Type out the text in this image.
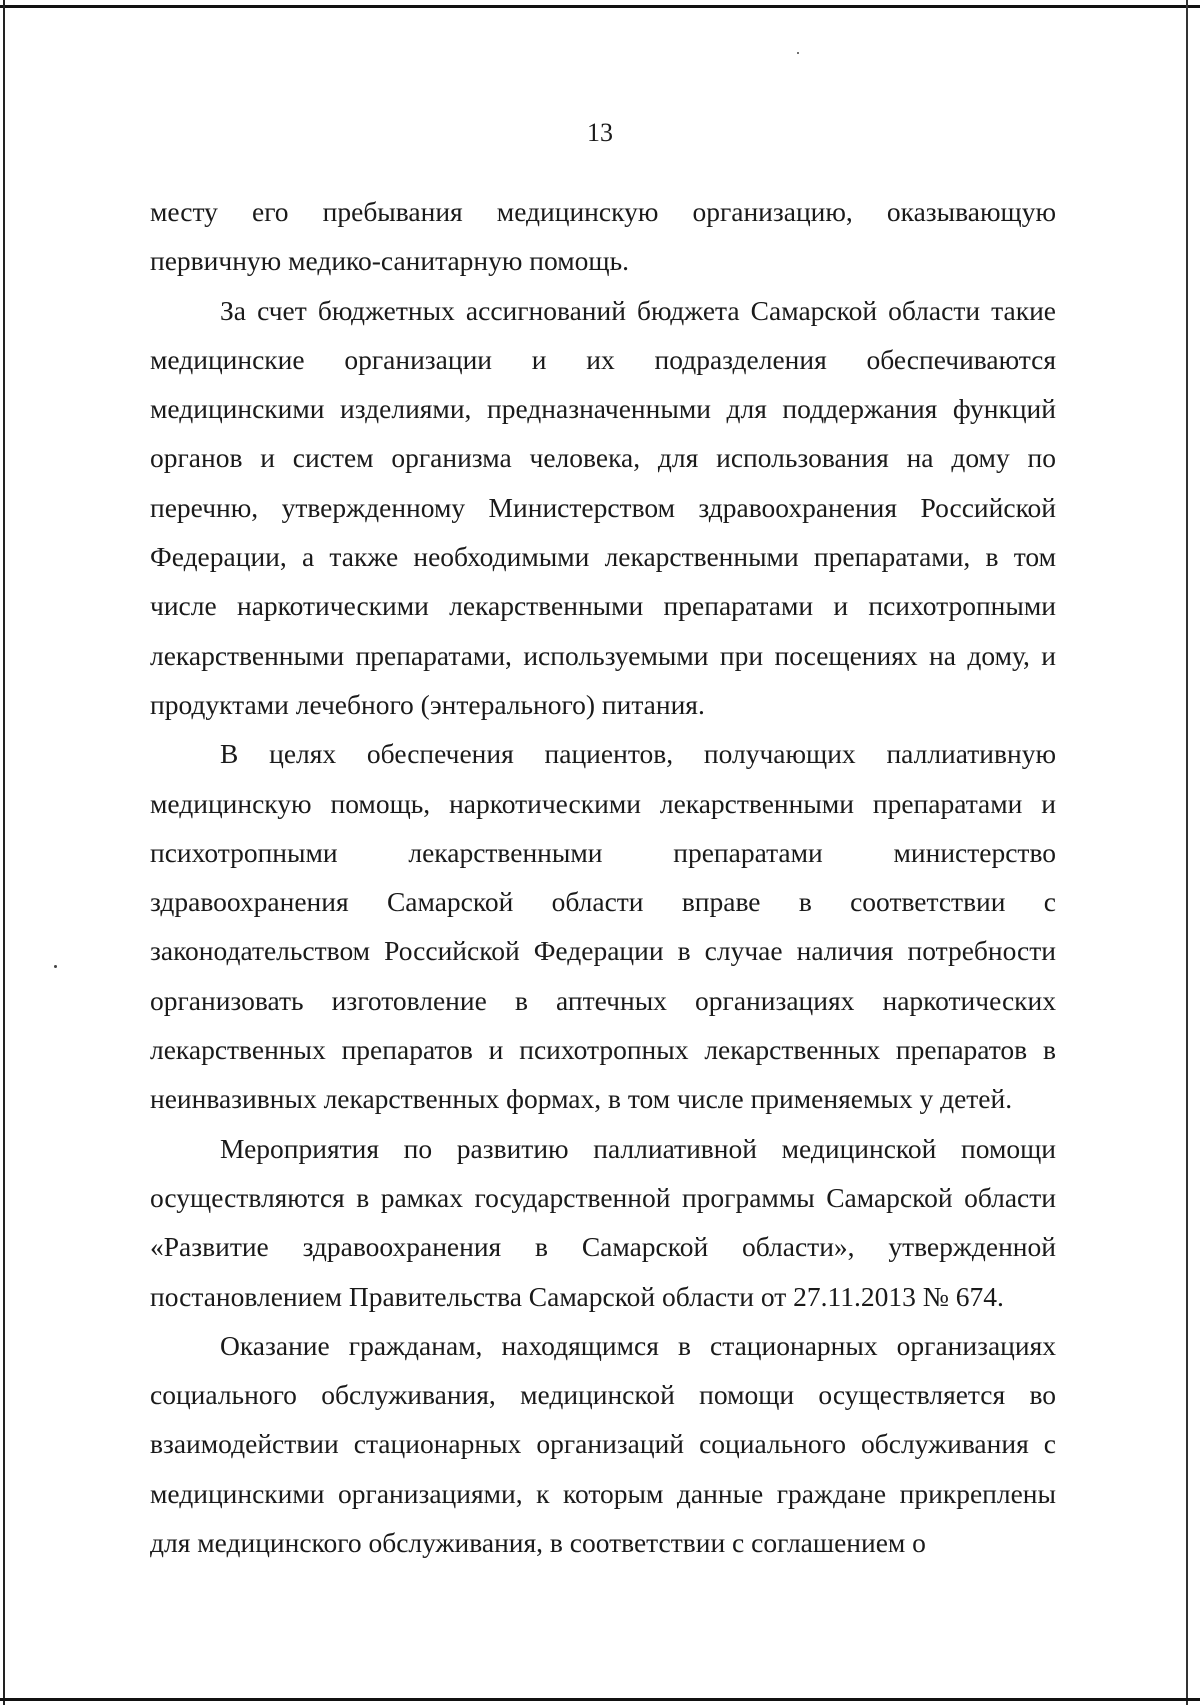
13

месту его пребывания медицинскую организацию, оказывающую первичную медико-санитарную помощь.

За счет бюджетных ассигнований бюджета Самарской области такие медицинские организации и их подразделения обеспечиваются медицинскими изделиями, предназначенными для поддержания функций органов и систем организма человека, для использования на дому по перечню, утвержденному Министерством здравоохранения Российской Федерации, а также необходимыми лекарственными препаратами, в том числе наркотическими лекарственными препаратами и психотропными лекарственными препаратами, используемыми при посещениях на дому, и продуктами лечебного (энтерального) питания.

В целях обеспечения пациентов, получающих паллиативную медицинскую помощь, наркотическими лекарственными препаратами и психотропными лекарственными препаратами министерство здравоохранения Самарской области вправе в соответствии с законодательством Российской Федерации в случае наличия потребности организовать изготовление в аптечных организациях наркотических лекарственных препаратов и психотропных лекарственных препаратов в неинвазивных лекарственных формах, в том числе применяемых у детей.

Мероприятия по развитию паллиативной медицинской помощи осуществляются в рамках государственной программы Самарской области «Развитие здравоохранения в Самарской области», утвержденной постановлением Правительства Самарской области от 27.11.2013 № 674.

Оказание гражданам, находящимся в стационарных организациях социального обслуживания, медицинской помощи осуществляется во взаимодействии стационарных организаций социального обслуживания с медицинскими организациями, к которым данные граждане прикреплены для медицинского обслуживания, в соответствии с соглашением о
